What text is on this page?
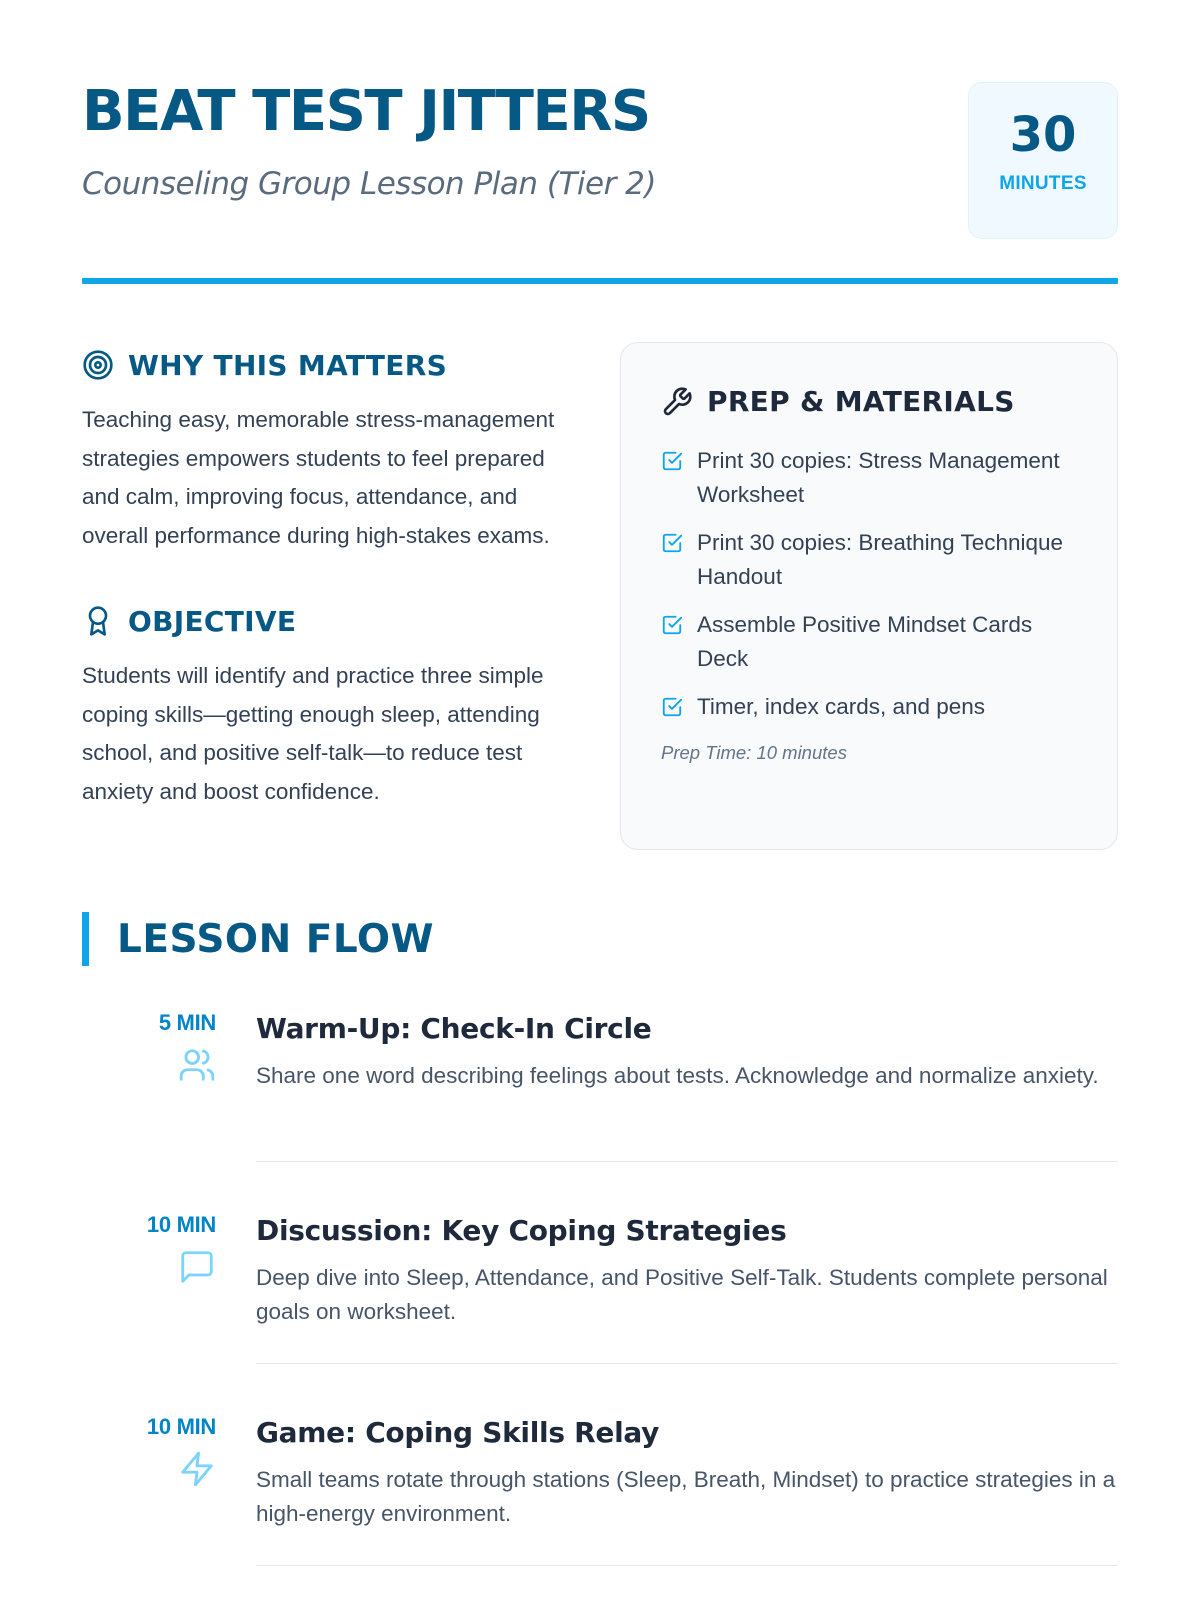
BEAT TEST JITTERS
Counseling Group Lesson Plan (Tier 2)
30
MINUTES
WHY THIS MATTERS

Teaching easy, memorable stress-management strategies empowers students to feel prepared and calm, improving focus, attendance, and overall performance during high-stakes exams.

OBJECTIVE

Students will identify and practice three simple coping skills—getting enough sleep, attending school, and positive self-talk—to reduce test anxiety and boost confidence.

PREP & MATERIALS
Print 30 copies: Stress Management Worksheet
Print 30 copies: Breathing Technique Handout
Assemble Positive Mindset Cards Deck
Timer, index cards, and pens

Prep Time: 10 minutes

LESSON FLOW
5 MIN Warm-Up: Check-In Circle

Share one word describing feelings about tests. Acknowledge and normalize anxiety.

10 MIN Discussion: Key Coping Strategies

Deep dive into Sleep, Attendance, and Positive Self-Talk. Students complete personal goals on worksheet.

10 MIN Game: Coping Skills Relay

Small teams rotate through stations (Sleep, Breath, Mindset) to practice strategies in a high-energy environment.
